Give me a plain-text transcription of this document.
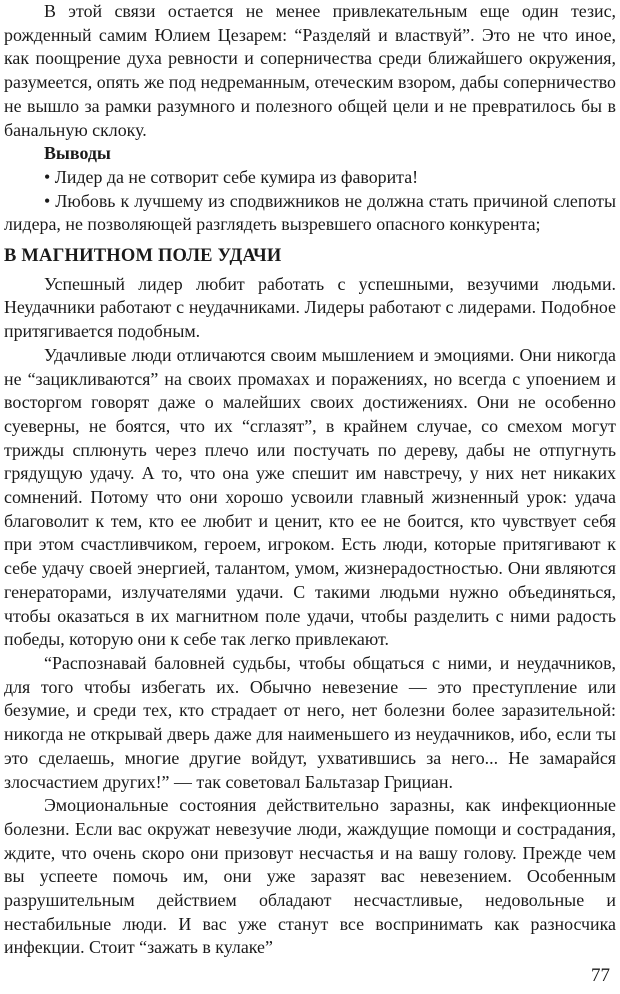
В этой связи остается не менее привлекательным еще один тезис, рожденный самим Юлием Цезарем: “Разделяй и властвуй”. Это не что иное, как поощрение духа ревности и соперничества среди ближайшего окружения, разумеется, опять же под недреманным, отеческим взором, дабы соперничество не вышло за рамки разумного и полезного общей цели и не превратилось бы в банальную склоку.

Выводы

• Лидер да не сотворит себе кумира из фаворита!

• Любовь к лучшему из сподвижников не должна стать причиной слепоты лидера, не позволяющей разглядеть вызревшего опасного конкурента;

В МАГНИТНОМ ПОЛЕ УДАЧИ

Успешный лидер любит работать с успешными, везучими людьми. Неудачники работают с неудачниками. Лидеры работают с лидерами. Подобное притягивается подобным.

Удачливые люди отличаются своим мышлением и эмоциями. Они никогда не “зацикливаются” на своих промахах и поражениях, но всегда с упоением и восторгом говорят даже о малейших своих достижениях. Они не особенно суеверны, не боятся, что их “сглазят”, в крайнем случае, со смехом могут трижды сплюнуть через плечо или постучать по дереву, дабы не отпугнуть грядущую удачу. А то, что она уже спешит им навстречу, у них нет никаких сомнений. Потому что они хорошо усвоили главный жизненный урок: удача благоволит к тем, кто ее любит и ценит, кто ее не боится, кто чувствует себя при этом счастливчиком, героем, игроком. Есть люди, которые притягивают к себе удачу своей энергией, талантом, умом, жизнерадостностью. Они являются генераторами, излучателями удачи. С такими людьми нужно объединяться, чтобы оказаться в их магнитном поле удачи, чтобы разделить с ними радость победы, которую они к себе так легко привлекают.

“Распознавай баловней судьбы, чтобы общаться с ними, и неудачников, для того чтобы избегать их. Обычно невезение — это преступление или безумие, и среди тех, кто страдает от него, нет болезни более заразительной: никогда не открывай дверь даже для наименьшего из неудачников, ибо, если ты это сделаешь, многие другие войдут, ухватившись за него... Не замарайся злосчастием других!” — так советовал Бальтазар Грициан.

Эмоциональные состояния действительно заразны, как инфекционные болезни. Если вас окружат невезучие люди, жаждущие помощи и сострадания, ждите, что очень скоро они призовут несчастья и на вашу голову. Прежде чем вы успеете помочь им, они уже заразят вас невезением. Особенным разрушительным действием обладают несчастливые, недовольные и нестабильные люди. И вас уже станут все воспринимать как разносчика инфекции. Стоит “зажать в кулаке”

77
